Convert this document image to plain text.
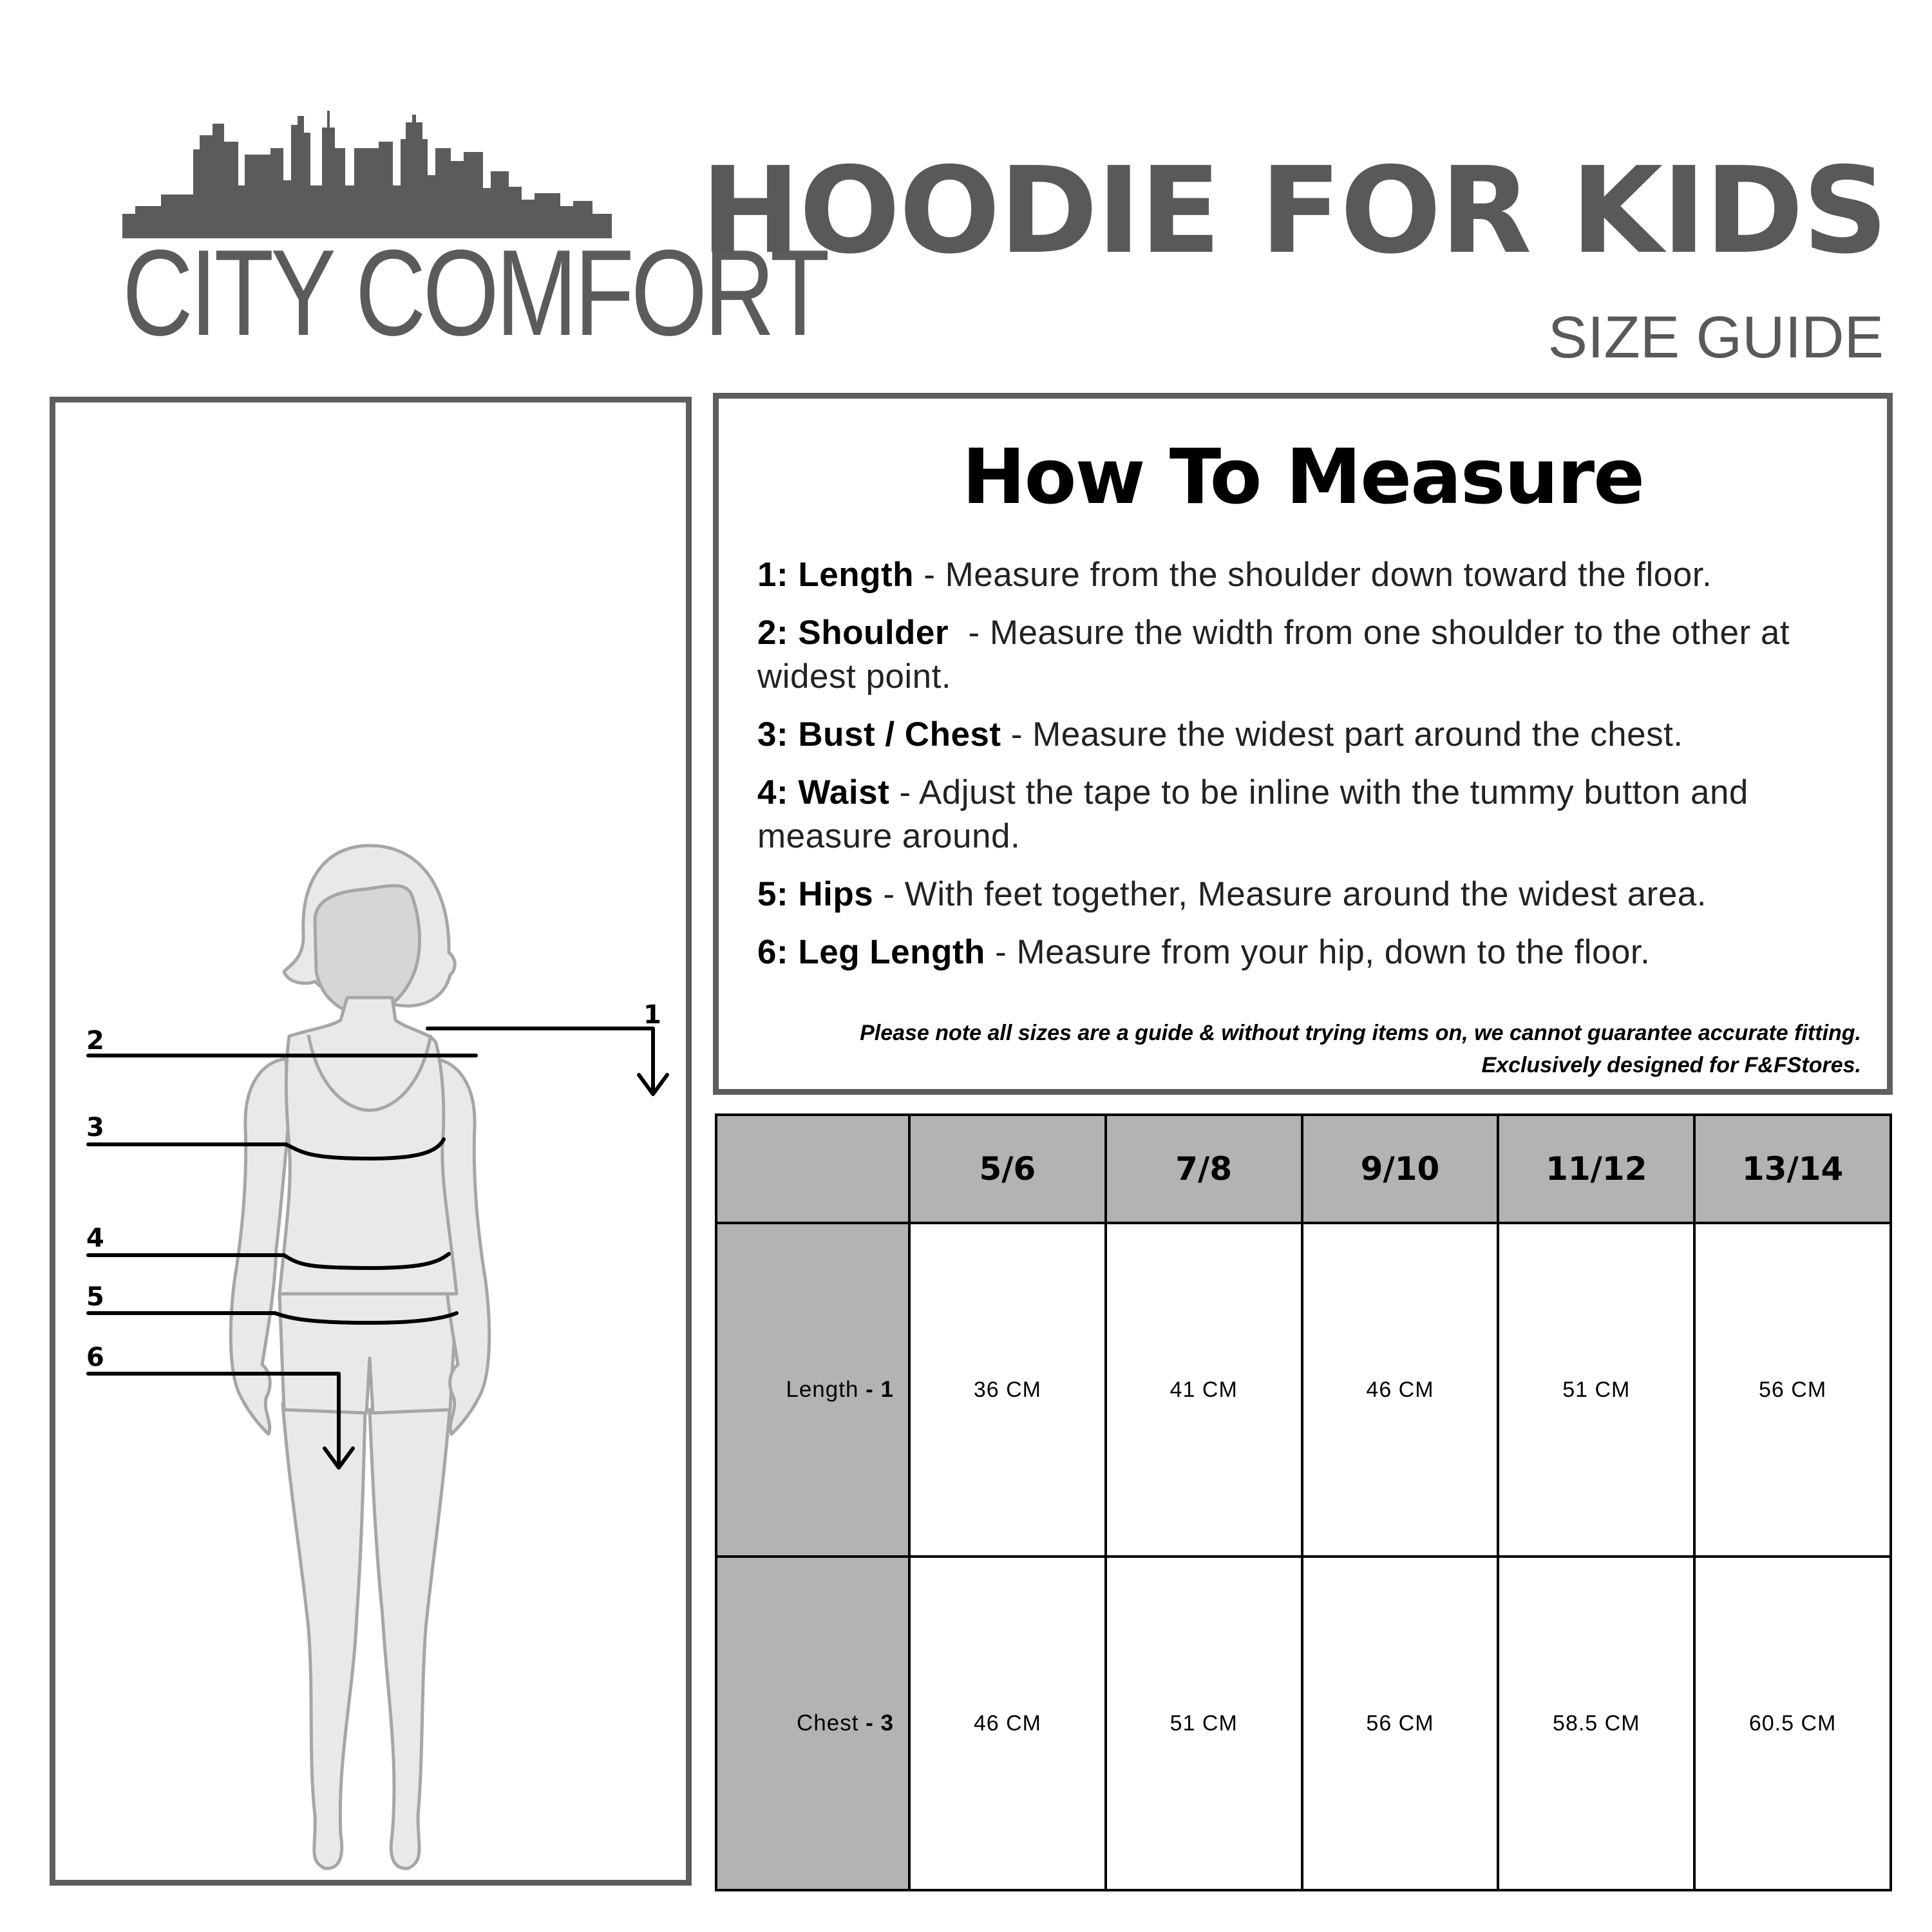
CITY COMFORT
HOODIE FOR KIDS
SIZE GUIDE
1
2
3
4
5
6
How To Measure
1: Length - Measure from the shoulder down toward the floor.
2: Shoulder  - Measure the width from one shoulder to the other at widest point.
3: Bust / Chest - Measure the widest part around the chest.
4: Waist - Adjust the tape to be inline with the tummy button and measure around.
5: Hips - With feet together, Measure around the widest area.
6: Leg Length - Measure from your hip, down to the floor.
Please note all sizes are a guide & without trying items on, we cannot guarantee accurate fitting.
Exclusively designed for F&FStores.
	5/6	7/8	9/10	11/12	13/14
Length - 1	36 CM	41 CM	46 CM	51 CM	56 CM
Chest - 3	46 CM	51 CM	56 CM	58.5 CM	60.5 CM
